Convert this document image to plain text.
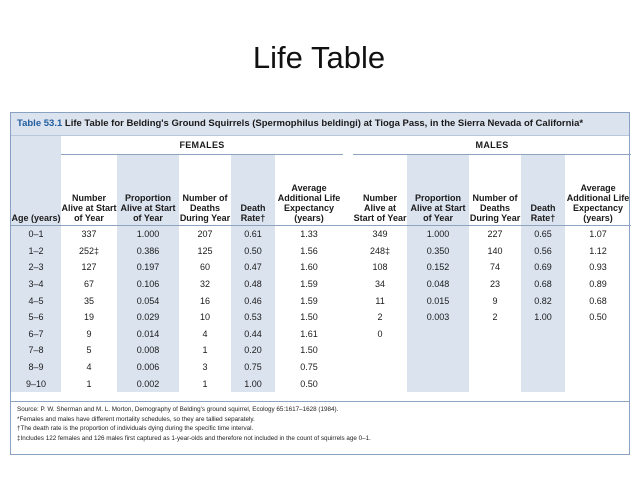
Life Table
Table 53.1 Life Table for Belding's Ground Squirrels (Spermophilus beldingi) at Tioga Pass, in the Sierra Nevada of California*
	FEMALES						MALES				
Age (years)	Number Alive at Start of Year	Proportion Alive at Start of Year	Number of Deaths During Year	Death Rate†	Average Additional Life Expectancy (years)		Number Alive at Start of Year	Proportion Alive at Start of Year	Number of Deaths During Year	Death Rate†	Average Additional Life Expectancy (years)
0–1	337	1.000	207	0.61	1.33		349	1.000	227	0.65	1.07
1–2	252‡	0.386	125	0.50	1.56		248‡	0.350	140	0.56	1.12
2–3	127	0.197	60	0.47	1.60		108	0.152	74	0.69	0.93
3–4	67	0.106	32	0.48	1.59		34	0.048	23	0.68	0.89
4–5	35	0.054	16	0.46	1.59		11	0.015	9	0.82	0.68
5–6	19	0.029	10	0.53	1.50		2	0.003	2	1.00	0.50
6–7	9	0.014	4	0.44	1.61		0				
7–8	5	0.008	1	0.20	1.50						
8–9	4	0.006	3	0.75	0.75						
9–10	1	0.002	1	1.00	0.50						
Source: P. W. Sherman and M. L. Morton, Demography of Belding's ground squirrel, Ecology 65:1617–1628 (1984).
*Females and males have different mortality schedules, so they are tallied separately.
†The death rate is the proportion of individuals dying during the specific time interval.
‡Includes 122 females and 126 males first captured as 1-year-olds and therefore not included in the count of squirrels age 0–1.
